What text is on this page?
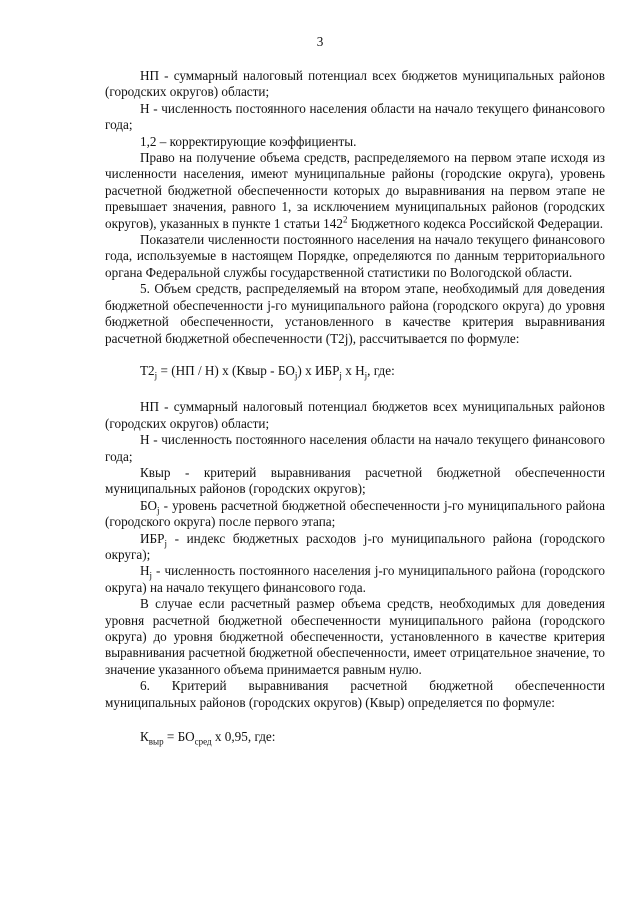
3

НП - суммарный налоговый потенциал всех бюджетов муниципальных районов (городских округов) области;

Н - численность постоянного населения области на начало текущего финансового года;

1,2 – корректирующие коэффициенты.

Право на получение объема средств, распределяемого на первом этапе исходя из численности населения, имеют муниципальные районы (городские округа), уровень расчетной бюджетной обеспеченности которых до выравнивания на первом этапе не превышает значения, равного 1, за исключением муниципальных районов (городских округов), указанных в пункте 1 статьи $142^2$ Бюджетного кодекса Российской Федерации.

Показатели численности постоянного населения на начало текущего финансового года, используемые в настоящем Порядке, определяются по данным территориального органа Федеральной службы государственной статистики по Вологодской области.

5. Объем средств, распределяемый на втором этапе, необходимый для доведения бюджетной обеспеченности j-го муниципального района (городского округа) до уровня бюджетной обеспеченности, установленного в качестве критерия выравнивания расчетной бюджетной обеспеченности (Т2j), рассчитывается по формуле:

$Т2_j = (НП / Н)$ х (Квыр - $БО_j$) х $ИБР_j$ х $Н_j$, где:

НП - суммарный налоговый потенциал бюджетов всех муниципальных районов (городских округов) области;

Н - численность постоянного населения области на начало текущего финансового года;

Квыр - критерий выравнивания расчетной бюджетной обеспеченности муниципальных районов (городских округов);

$БО_j$ - уровень расчетной бюджетной обеспеченности j-го муниципального района (городского округа) после первого этапа;

$ИБР_j$ - индекс бюджетных расходов j-го муниципального района (городского округа);

$Н_j$ - численность постоянного населения j-го муниципального района (городского округа) на начало текущего финансового года.

В случае если расчетный размер объема средств, необходимых для доведения уровня расчетной бюджетной обеспеченности муниципального района (городского округа) до уровня бюджетной обеспеченности, установленного в качестве критерия выравнивания расчетной бюджетной обеспеченности, имеет отрицательное значение, то значение указанного объема принимается равным нулю.

6. Критерий выравнивания расчетной бюджетной обеспеченности муниципальных районов (городских округов) (Квыр) определяется по формуле:

$К_{выр} = БО_{сред}$ х 0,95, где:
